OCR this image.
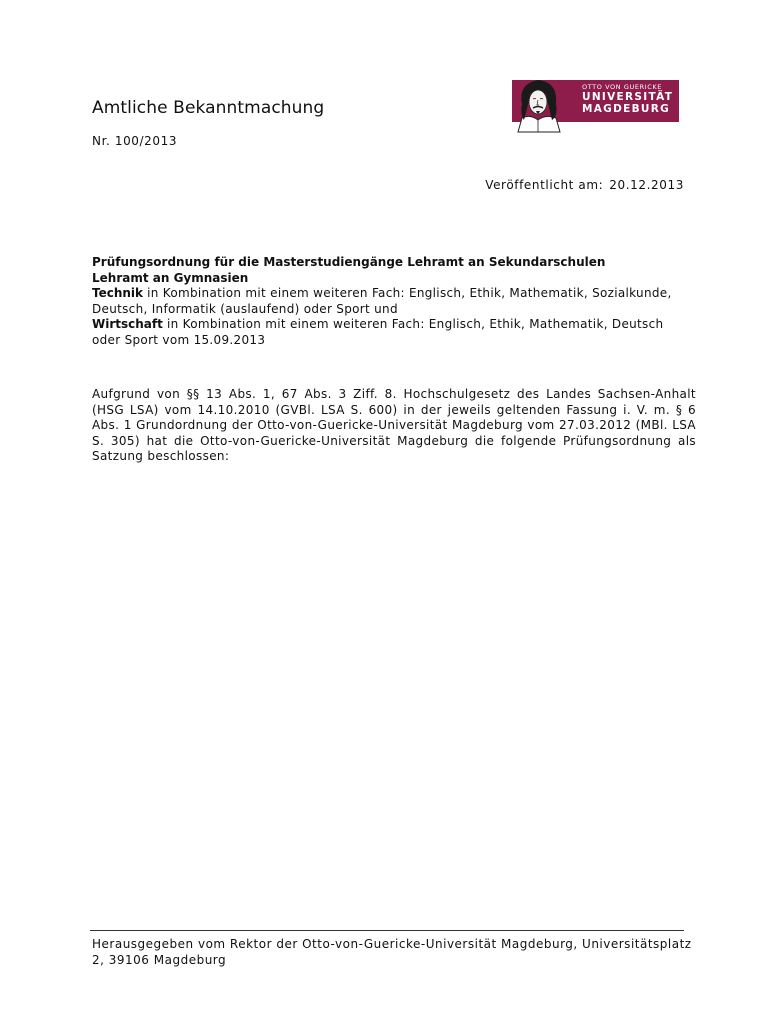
Amtliche Bekanntmachung
Nr. 100/2013
OTTO VON GUERICKE
UNIVERSITÄT
MAGDEBURG
Veröffentlicht am: 20.12.2013
Prüfungsordnung für die Masterstudiengänge Lehramt an Sekundarschulen
Lehramt an Gymnasien
Technik in Kombination mit einem weiteren Fach: Englisch, Ethik, Mathematik, Sozialkunde, Deutsch, Informatik (auslaufend) oder Sport und
Wirtschaft in Kombination mit einem weiteren Fach: Englisch, Ethik, Mathematik, Deutsch oder Sport vom 15.09.2013
Aufgrund von §§ 13 Abs. 1, 67 Abs. 3 Ziff. 8. Hochschulgesetz des Landes Sachsen-Anhalt (HSG LSA) vom 14.10.2010 (GVBl. LSA S. 600) in der jeweils geltenden Fassung i. V. m. § 6 Abs. 1 Grundordnung der Otto-von-Guericke-Universität Magdeburg vom 27.03.2012 (MBl. LSA S. 305) hat die Otto-von-Guericke-Universität Magdeburg die folgende Prüfungsordnung als Satzung beschlossen:
Herausgegeben vom Rektor der Otto-von-Guericke-Universität Magdeburg, Universitätsplatz 2, 39106 Magdeburg
